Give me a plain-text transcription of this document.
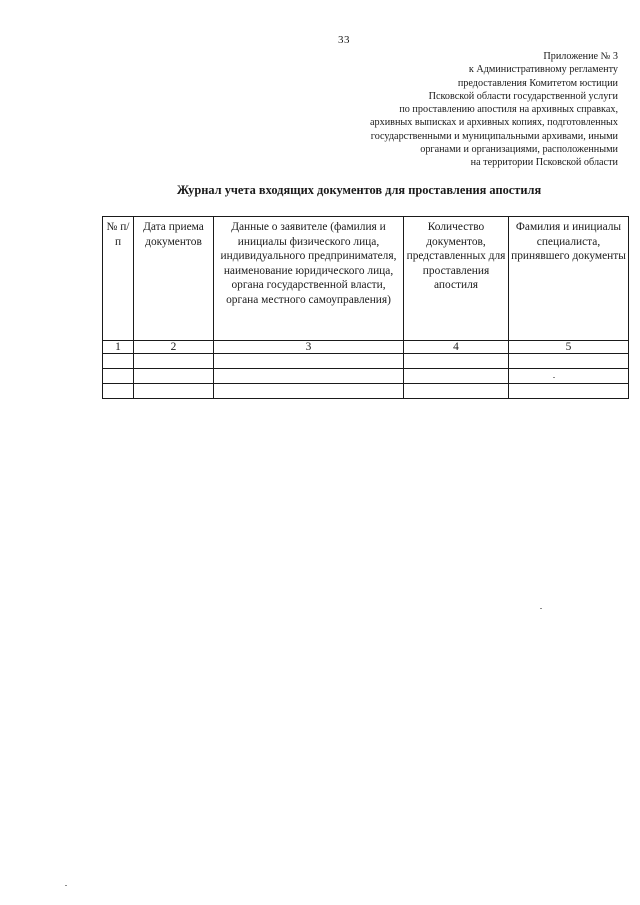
33
Приложение № 3
к Административному регламенту
предоставления Комитетом юстиции
Псковской области государственной услуги
по проставлению апостиля на архивных справках,
архивных выписках и архивных копиях, подготовленных
государственными и муниципальными архивами, иными
органами и организациями, расположенными
на территории Псковской области
Журнал учета входящих документов для проставления апостиля
№ п/п	Дата приема документов	Данные о заявителе (фамилия и инициалы физического лица, индивидуального предпринимателя, наименование юридического лица, органа государственной власти, органа местного самоуправления)	Количество документов, представленных для проставления апостиля	Фамилия и инициалы специалиста, принявшего документы
1	2	3	4	5
